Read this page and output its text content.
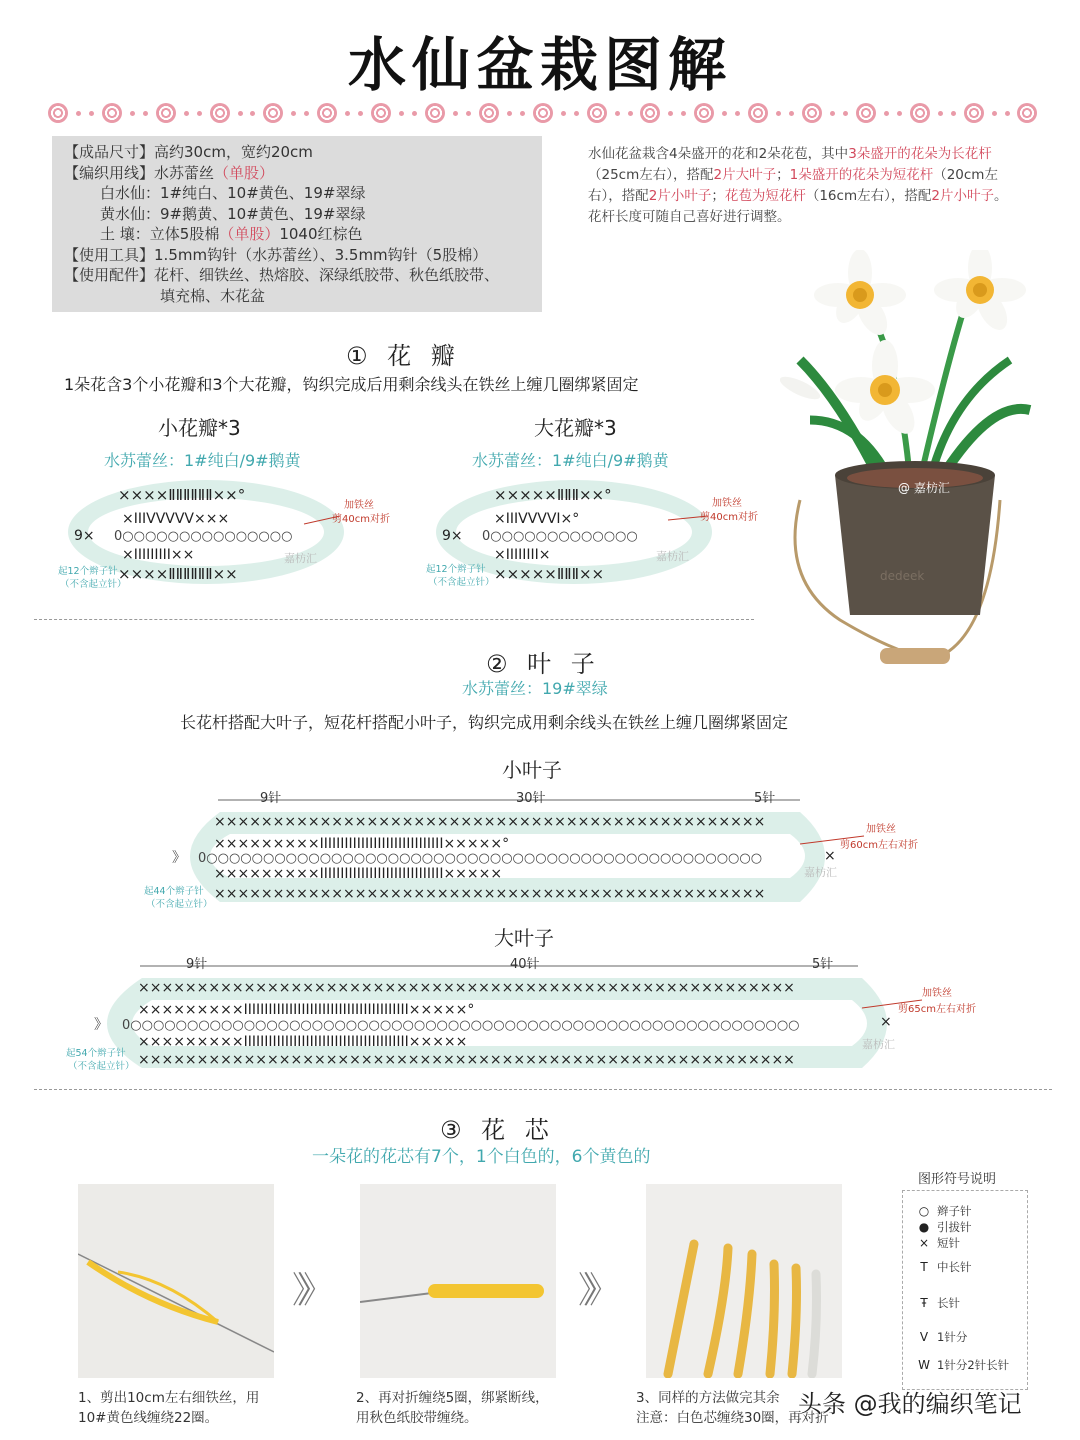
水仙盆栽图解
【成品尺寸】高约30cm，宽约20cm
【编织用线】水苏蕾丝（单股）
白水仙：1#纯白、10#黄色、19#翠绿
黄水仙：9#鹅黄、10#黄色、19#翠绿
土 壤：立体5股棉（单股）1040红棕色
【使用工具】1.5mm钩针（水苏蕾丝）、3.5mm钩针（5股棉）
【使用配件】花杆、细铁丝、热熔胶、深绿纸胶带、秋色纸胶带、
填充棉、木花盆
水仙花盆栽含4朵盛开的花和2朵花苞，其中3朵盛开的花朵为长花杆（25cm左右），搭配2片大叶子；1朵盛开的花朵为短花杆（20cm左右），搭配2片小叶子；花苞为短花杆（16cm左右），搭配2片小叶子。花杆长度可随自己喜好进行调整。
dedeek
@ 嘉枋汇
① 花 瓣
1朵花含3个小花瓣和3个大花瓣，钩织完成后用剩余线头在铁丝上缠几圈绑紧固定
小花瓣*3
水苏蕾丝：1#纯白/9#鹅黄
大花瓣*3
水苏蕾丝：1#纯白/9#鹅黄
××××ⅡⅡⅡⅡⅡⅡ××°
×ⅠⅠⅠⅤⅤⅤⅤⅤ×××
0○○○○○○○○○○○○○○○
×ⅠⅠⅠⅠⅠⅠⅠⅠⅠ××
××××ⅡⅡⅡⅡⅡⅡ××
9×
嘉枋汇
加铁丝
剪40cm对折
起12个辫子针
（不含起立针）
×××××ⅡⅡⅡ××°
×ⅠⅠⅠⅤⅤⅤⅤⅠ×°
0○○○○○○○○○○○○○
×ⅠⅠⅠⅠⅠⅠⅠⅠ×
×××××ⅡⅡⅡ××
9×
嘉枋汇
加铁丝
剪40cm对折
起12个辫子针
（不含起立针）
② 叶 子
水苏蕾丝：19#翠绿
长花杆搭配大叶子，短花杆搭配小叶子，钩织完成用剩余线头在铁丝上缠几圈绑紧固定
小叶子
9针	30针	5针
×××××××××××××××××××××××××××××××××××××××××××××××
×××××××××ⅠⅠⅠⅠⅠⅠⅠⅠⅠⅠⅠⅠⅠⅠⅠⅠⅠⅠⅠⅠⅠⅠⅠⅠⅠⅠⅠⅠⅠⅠ×××××°
0○○○○○○○○○○○○○○○○○○○○○○○○○○○○○○○○○○○○○○○○○○○○○○○○○
×××××××××ⅠⅠⅠⅠⅠⅠⅠⅠⅠⅠⅠⅠⅠⅠⅠⅠⅠⅠⅠⅠⅠⅠⅠⅠⅠⅠⅠⅠⅠⅠ×××××
×××××××××××××××××××××××××××××××××××××××××××××××
》	×
嘉枋汇
加铁丝
剪60cm左右对折
起44个辫子针
（不含起立针）
大叶子
9针	40针	5针
××××××××××××××××××××××××××××××××××××××××××××××××××××××××
×××××××××ⅠⅠⅠⅠⅠⅠⅠⅠⅠⅠⅠⅠⅠⅠⅠⅠⅠⅠⅠⅠⅠⅠⅠⅠⅠⅠⅠⅠⅠⅠⅠⅠⅠⅠⅠⅠⅠⅠⅠⅠ×××××°
0○○○○○○○○○○○○○○○○○○○○○○○○○○○○○○○○○○○○○○○○○○○○○○○○○○○○○○○○○○○
×××××××××ⅠⅠⅠⅠⅠⅠⅠⅠⅠⅠⅠⅠⅠⅠⅠⅠⅠⅠⅠⅠⅠⅠⅠⅠⅠⅠⅠⅠⅠⅠⅠⅠⅠⅠⅠⅠⅠⅠⅠⅠ×××××
××××××××××××××××××××××××××××××××××××××××××××××××××××××××
》	×
嘉枋汇
加铁丝
剪65cm左右对折
起54个辫子针
（不含起立针）
③ 花 芯
一朵花的花芯有7个，1个白色的，6个黄色的
》》	》》
1、剪出10cm左右细铁丝，用
10#黄色线缠绕22圈。
2、再对折缠绕5圈，绑紧断线，
用秋色纸胶带缠绕。
3、同样的方法做完其余
注意：白色芯缠绕30圈，再对折
图形符号说明
○ 辫子针
● 引拔针
× 短针
T 中长针
Ŧ 长针
V 1针分
W 1针分2针长针
头条 @我的编织笔记
